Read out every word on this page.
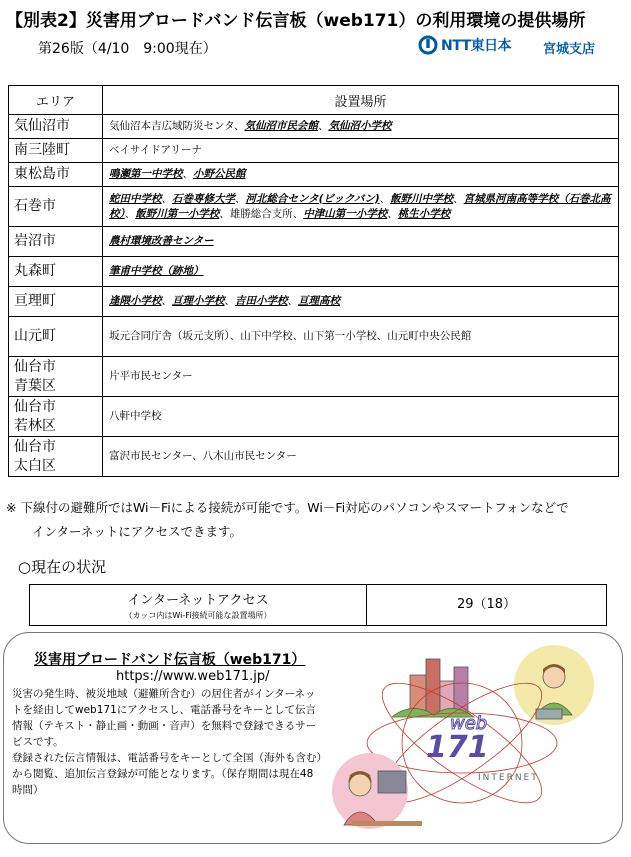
【別表2】災害用ブロードバンド伝言板（web171）の利用環境の提供場所
第26版（4/10　9:00現在）	NTT東日本 宮城支店
エリア	設置場所

気仙沼市	気仙沼本吉広域防災センタ、気仙沼市民会館、気仙沼小学校

南三陸町	ベイサイドアリーナ

東松島市	鳴瀬第一中学校、小野公民館

石巻市	蛇田中学校、石巻専修大学、河北総合センタ(ビックバン)、飯野川中学校、宮城県河南高等学校（石巻北高校）、飯野川第一小学校、雄勝総合支所、中津山第一小学校、桃生小学校

岩沼市	農村環境改善センター

丸森町	筆甫中学校（跡地）

亘理町	逢隈小学校、亘理小学校、吉田小学校、亘理高校

山元町	坂元合同庁舎（坂元支所）、山下中学校、山下第一小学校、山元町中央公民館

仙台市
青葉区	片平市民センター

仙台市
若林区	八軒中学校

仙台市
太白区	富沢市民センター、八木山市民センター
※ 下線付の避難所ではWi－Fiによる接続が可能です。Wi－Fi対応のパソコンやスマートフォンなどで
インターネットにアクセスできます。
○現在の状況
インターネットアクセス
（カッコ内はWi-Fi接続可能な設置場所）
29（18）
災害用ブロードバンド伝言板（web171）
https://www.web171.jp/
災害の発生時、被災地域（避難所含む）の居住者がインターネットを経由してweb171にアクセスし、電話番号をキーとして伝言情報（テキスト・静止画・動画・音声）を無料で登録できるサービスです。
登録された伝言情報は、電話番号をキーとして全国（海外も含む）から閲覧、追加伝言登録が可能となります。（保存期間は現在48時間）
web
171
INTERNET
